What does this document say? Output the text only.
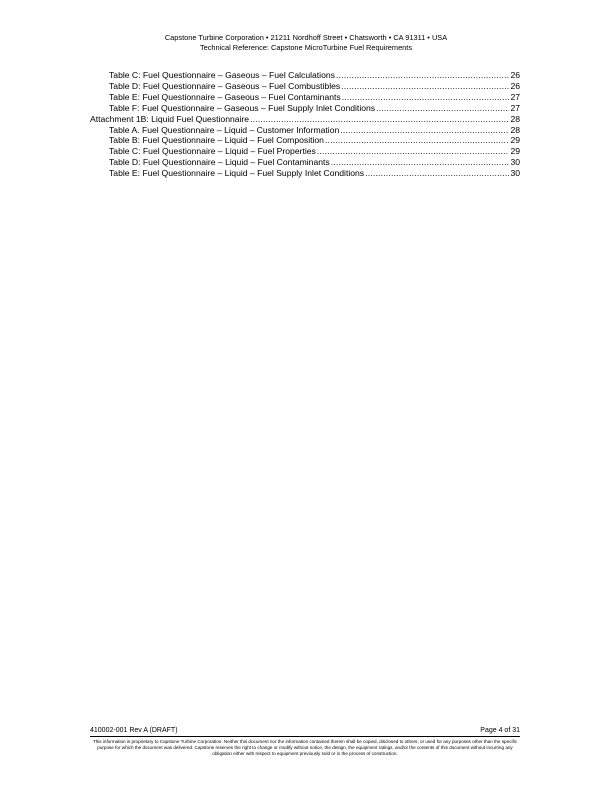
Capstone Turbine Corporation • 21211 Nordhoff Street • Chatsworth • CA 91311 • USA
Technical Reference: Capstone MicroTurbine Fuel Requirements
Table C: Fuel Questionnaire – Gaseous – Fuel Calculations .....	26
Table D: Fuel Questionnaire – Gaseous – Fuel Combustibles .....	26
Table E: Fuel Questionnaire – Gaseous – Fuel Contaminants .....	27
Table F: Fuel Questionnaire – Gaseous – Fuel Supply Inlet Conditions .....	27
Attachment 1B: Liquid Fuel Questionnaire .....	28
Table A. Fuel Questionnaire – Liquid – Customer Information .....	28
Table B: Fuel Questionnaire – Liquid – Fuel Composition .....	29
Table C: Fuel Questionnaire – Liquid – Fuel Properties .....	29
Table D: Fuel Questionnaire – Liquid – Fuel Contaminants .....	30
Table E: Fuel Questionnaire – Liquid – Fuel Supply Inlet Conditions .....	30
410002-001 Rev A (DRAFT)	Page 4 of 31
This information is proprietary to Capstone Turbine Corporation. Neither this document nor the information contained therein shall be copied, disclosed to others, or used for any purposes other than the specific purpose for which the document was delivered. Capstone reserves the right to change or modify without notice, the design, the equipment ratings, and/or the contents of this document without incurring any obligation either with respect to equipment previously sold or in the process of construction.
